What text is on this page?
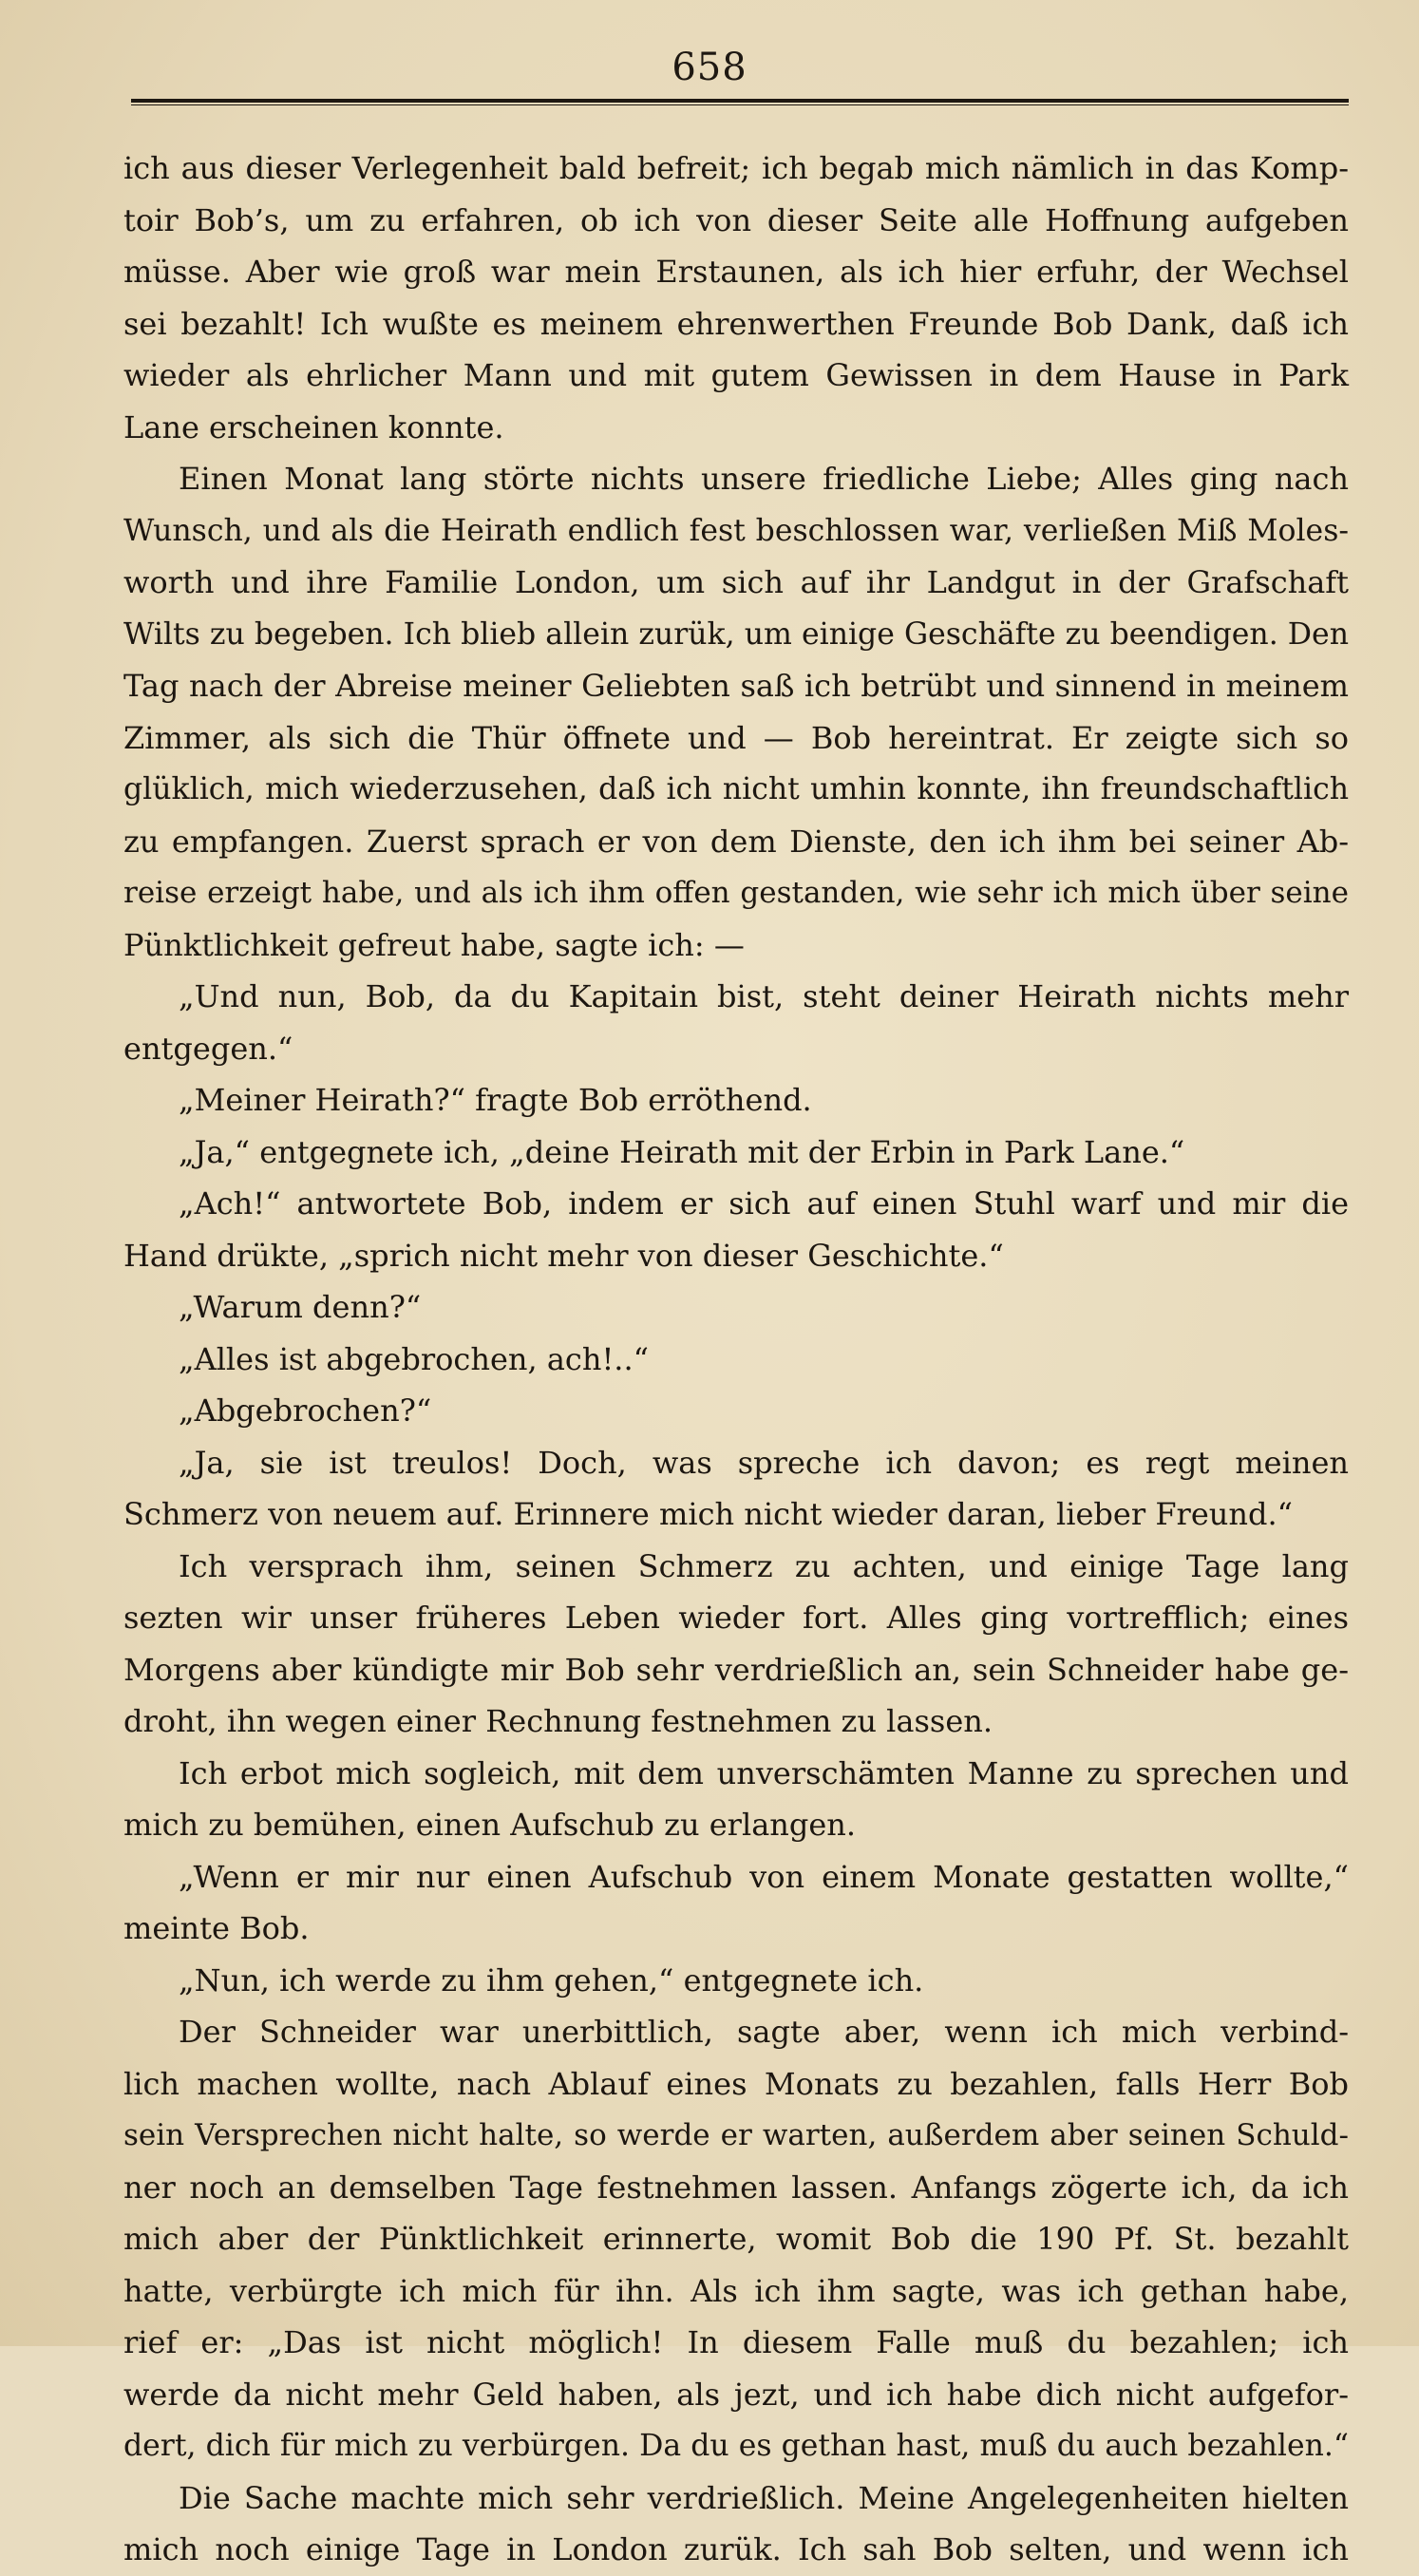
658
ich aus dieser Verlegenheit bald befreit; ich begab mich nämlich in das Komp-
toir Bob’s, um zu erfahren, ob ich von dieser Seite alle Hoffnung aufgeben
müsse. Aber wie groß war mein Erstaunen, als ich hier erfuhr, der Wechsel
sei bezahlt! Ich wußte es meinem ehrenwerthen Freunde Bob Dank, daß ich
wieder als ehrlicher Mann und mit gutem Gewissen in dem Hause in Park
Lane erscheinen konnte.
Einen Monat lang störte nichts unsere friedliche Liebe; Alles ging nach
Wunsch, und als die Heirath endlich fest beschlossen war, verließen Miß Moles-
worth und ihre Familie London, um sich auf ihr Landgut in der Grafschaft
Wilts zu begeben. Ich blieb allein zurük, um einige Geschäfte zu beendigen. Den
Tag nach der Abreise meiner Geliebten saß ich betrübt und sinnend in meinem
Zimmer, als sich die Thür öffnete und — Bob hereintrat. Er zeigte sich so
glüklich, mich wiederzusehen, daß ich nicht umhin konnte, ihn freundschaftlich
zu empfangen. Zuerst sprach er von dem Dienste, den ich ihm bei seiner Ab-
reise erzeigt habe, und als ich ihm offen gestanden, wie sehr ich mich über seine
Pünktlichkeit gefreut habe, sagte ich: —
„Und nun, Bob, da du Kapitain bist, steht deiner Heirath nichts mehr
entgegen.“
„Meiner Heirath?“ fragte Bob erröthend.
„Ja,“ entgegnete ich, „deine Heirath mit der Erbin in Park Lane.“
„Ach!“ antwortete Bob, indem er sich auf einen Stuhl warf und mir die
Hand drükte, „sprich nicht mehr von dieser Geschichte.“
„Warum denn?“
„Alles ist abgebrochen, ach!..“
„Abgebrochen?“
„Ja, sie ist treulos! Doch, was spreche ich davon; es regt meinen
Schmerz von neuem auf. Erinnere mich nicht wieder daran, lieber Freund.“
Ich versprach ihm, seinen Schmerz zu achten, und einige Tage lang
sezten wir unser früheres Leben wieder fort. Alles ging vortrefflich; eines
Morgens aber kündigte mir Bob sehr verdrießlich an, sein Schneider habe ge-
droht, ihn wegen einer Rechnung festnehmen zu lassen.
Ich erbot mich sogleich, mit dem unverschämten Manne zu sprechen und
mich zu bemühen, einen Aufschub zu erlangen.
„Wenn er mir nur einen Aufschub von einem Monate gestatten wollte,“
meinte Bob.
„Nun, ich werde zu ihm gehen,“ entgegnete ich.
Der Schneider war unerbittlich, sagte aber, wenn ich mich verbind-
lich machen wollte, nach Ablauf eines Monats zu bezahlen, falls Herr Bob
sein Versprechen nicht halte, so werde er warten, außerdem aber seinen Schuld-
ner noch an demselben Tage festnehmen lassen. Anfangs zögerte ich, da ich
mich aber der Pünktlichkeit erinnerte, womit Bob die 190 Pf. St. bezahlt
hatte, verbürgte ich mich für ihn. Als ich ihm sagte, was ich gethan habe,
rief er: „Das ist nicht möglich! In diesem Falle muß du bezahlen; ich
werde da nicht mehr Geld haben, als jezt, und ich habe dich nicht aufgefor-
dert, dich für mich zu verbürgen. Da du es gethan hast, muß du auch bezahlen.“
Die Sache machte mich sehr verdrießlich. Meine Angelegenheiten hielten
mich noch einige Tage in London zurük. Ich sah Bob selten, und wenn ich
